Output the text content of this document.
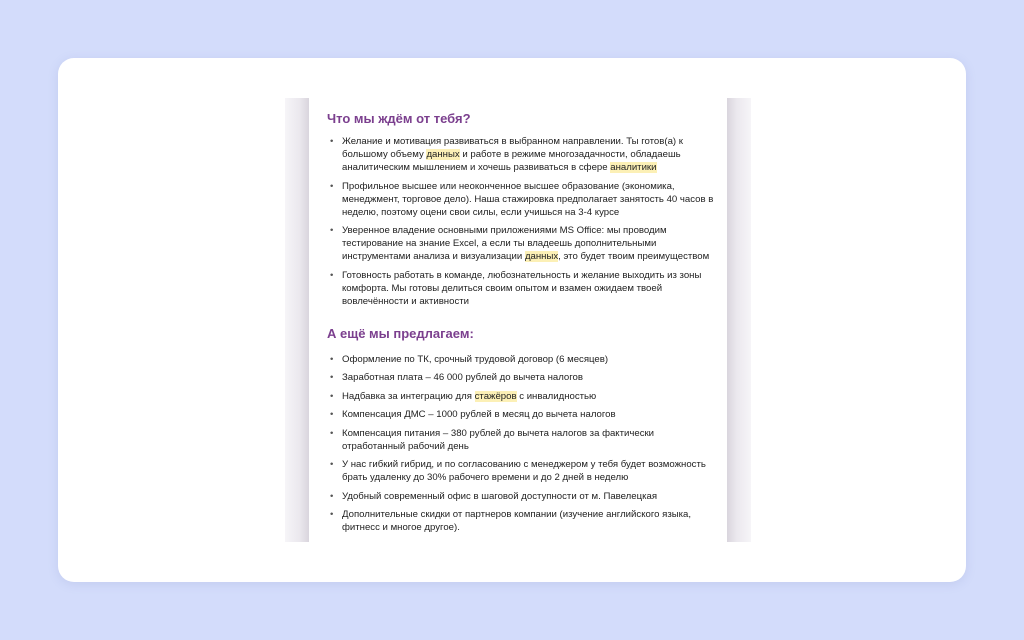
Что мы ждём от тебя?
• Желание и мотивация развиваться в выбранном направлении. Ты готов(а) к большому объему данных и работе в режиме многозадачности, обладаешь аналитическим мышлением и хочешь развиваться в сфере аналитики
• Профильное высшее или неоконченное высшее образование (экономика, менеджмент, торговое дело). Наша стажировка предполагает занятость 40 часов в неделю, поэтому оцени свои силы, если учишься на 3-4 курсе
• Уверенное владение основными приложениями MS Office: мы проводим тестирование на знание Excel, а если ты владеешь дополнительными инструментами анализа и визуализации данных, это будет твоим преимуществом
• Готовность работать в команде, любознательность и желание выходить из зоны комфорта. Мы готовы делиться своим опытом и взамен ожидаем твоей вовлечённости и активности
А ещё мы предлагаем:
• Оформление по ТК, срочный трудовой договор (6 месяцев)
• Заработная плата – 46 000 рублей до вычета налогов
• Надбавка за интеграцию для стажёров с инвалидностью
• Компенсация ДМС – 1000 рублей в месяц до вычета налогов
• Компенсация питания – 380 рублей до вычета налогов за фактически отработанный рабочий день
• У нас гибкий гибрид, и по согласованию с менеджером у тебя будет возможность брать удаленку до 30% рабочего времени и до 2 дней в неделю
• Удобный современный офис в шаговой доступности от м. Павелецкая
• Дополнительные скидки от партнеров компании (изучение английского языка, фитнесс и многое другое).
